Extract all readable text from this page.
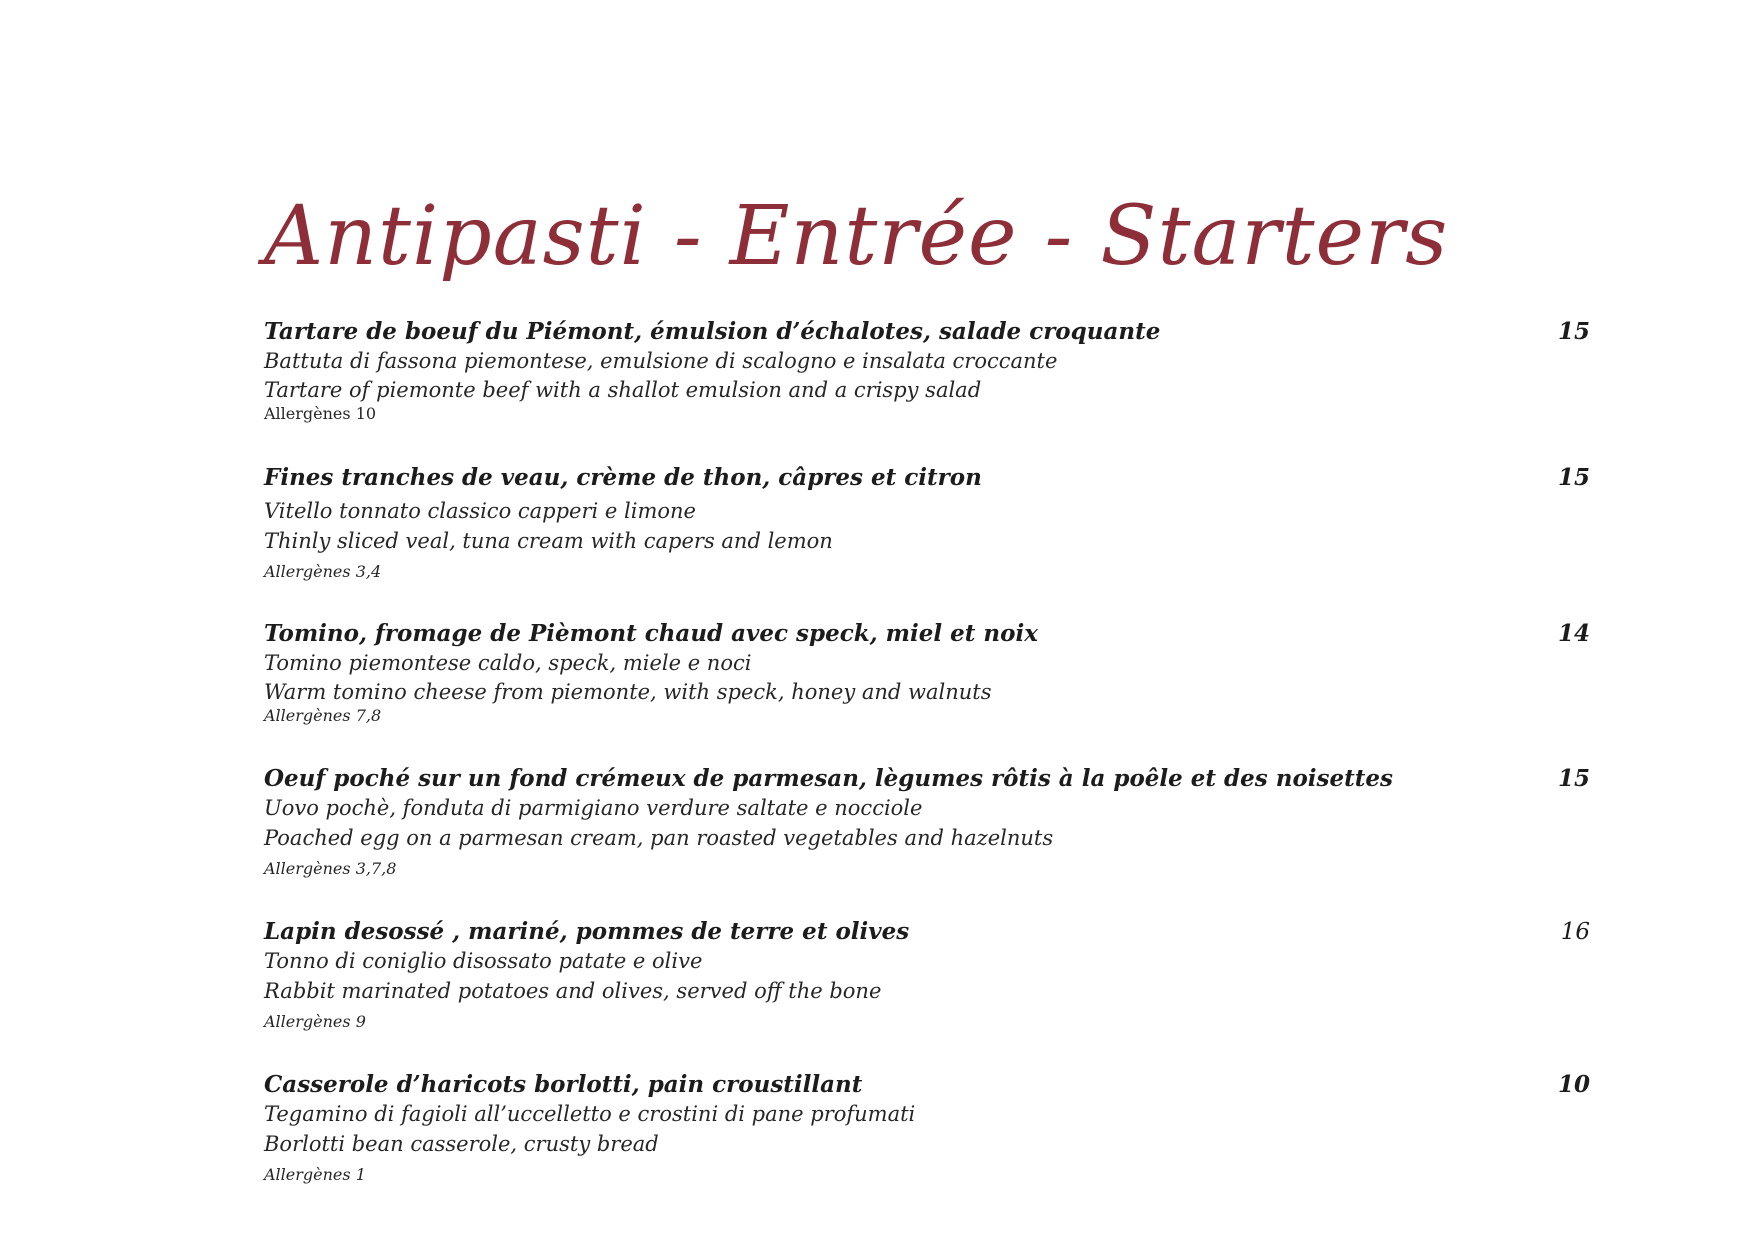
Antipasti - Entrée - Starters
Tartare de boeuf du Piémont, émulsion d’échalotes, salade croquante
Battuta di fassona piemontese, emulsione di scalogno e insalata croccante
Tartare of piemonte beef with a shallot emulsion and a crispy salad
Allergènes 10
15
Fines tranches de veau, crème de thon, câpres et citron
Vitello tonnato classico capperi e limone
Thinly sliced veal, tuna cream with capers and lemon
Allergènes 3,4
15
Tomino, fromage de Pièmont chaud avec speck, miel et noix
Tomino piemontese caldo, speck, miele e noci
Warm tomino cheese from piemonte, with speck, honey and walnuts
Allergènes 7,8
14
Oeuf poché sur un fond crémeux de parmesan, lègumes rôtis à la poêle et des noisettes
Uovo pochè, fonduta di parmigiano verdure saltate e nocciole
Poached egg on a parmesan cream, pan roasted vegetables and hazelnuts
Allergènes 3,7,8
15
Lapin desossé , mariné, pommes de terre et olives
Tonno di coniglio disossato patate e olive
Rabbit marinated potatoes and olives, served off the bone
Allergènes 9
16
Casserole d’haricots borlotti, pain croustillant
Tegamino di fagioli all’uccelletto e crostini di pane profumati
Borlotti bean casserole, crusty bread
Allergènes 1
10
